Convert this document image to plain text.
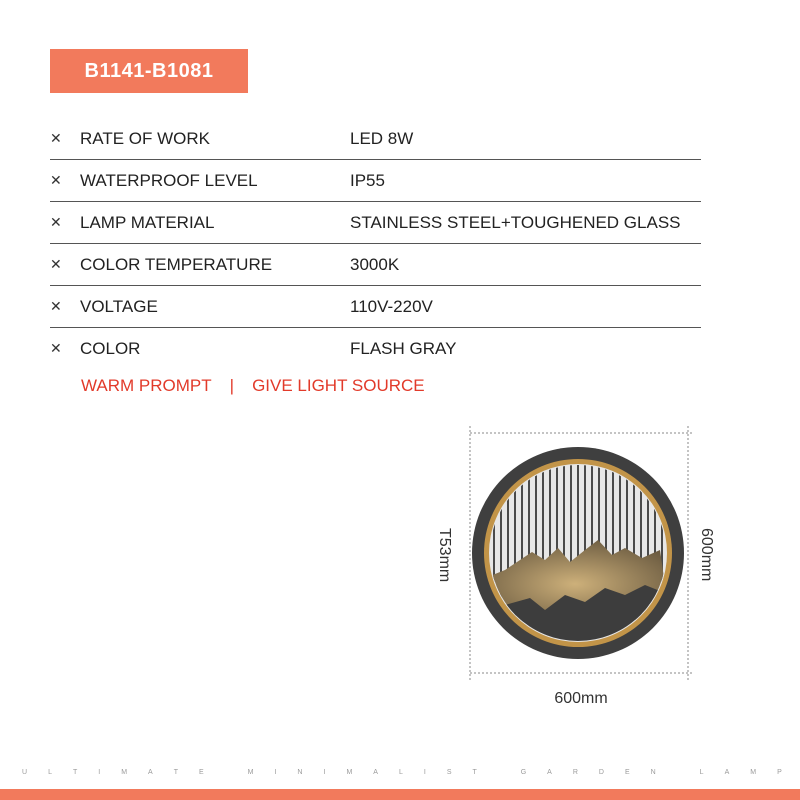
B1141-B1081
✕	RATE OF WORK	LED 8W
✕	WATERPROOF LEVEL	IP55
✕	LAMP MATERIAL	STAINLESS STEEL+TOUGHENED GLASS
✕	COLOR TEMPERATURE	3000K
✕	VOLTAGE	110V-220V
✕	COLOR	FLASH GRAY
WARM PROMPT | GIVE LIGHT SOURCE
600mm
T53mm	600mm
U	L	T	I	M	A	T	E
	M	I	N	I	M	A	L	I	S	T
	G	A	R	D	E	N
	L	A	M	P
